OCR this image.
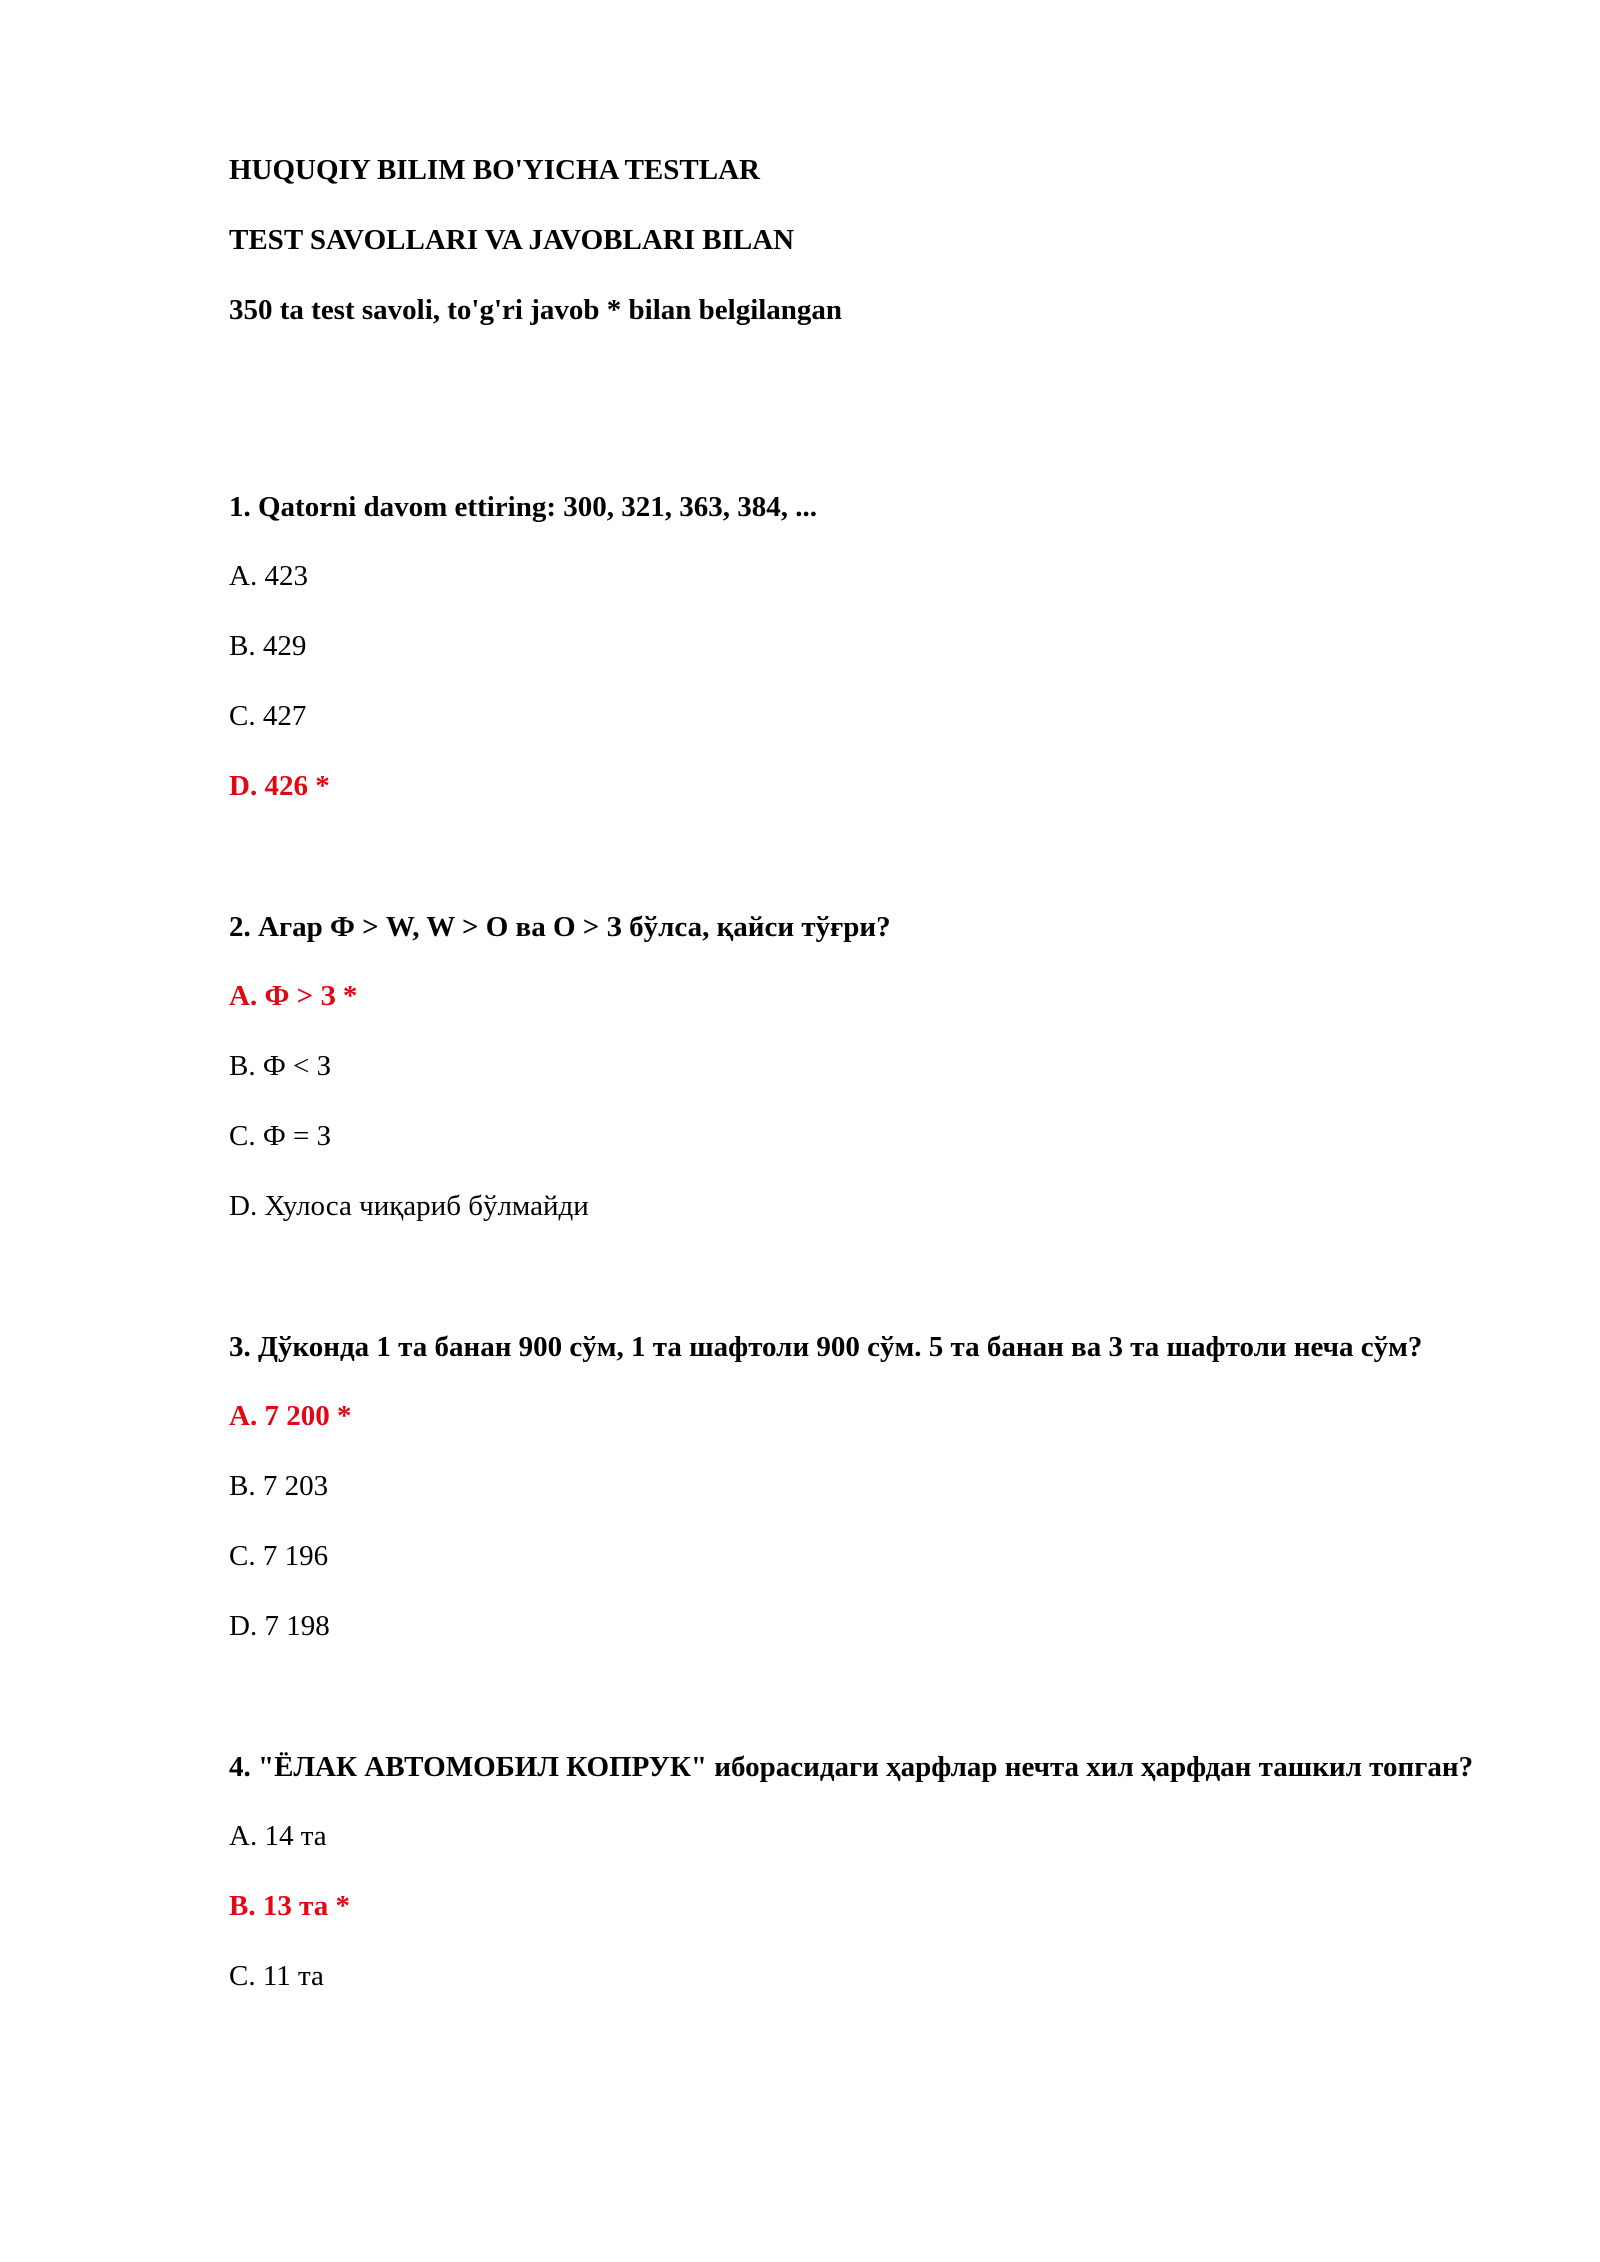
HUQUQIY BILIM BO'YICHA TESTLAR
TEST SAVOLLARI VA JAVOBLARI BILAN
350 ta test savoli, to'g'ri javob * bilan belgilangan
1. Qatorni davom ettiring: 300, 321, 363, 384, ...
A. 423
B. 429
C. 427
D. 426 *
2. Агар Ф > W, W > О ва О > З бўлса, қайси тўғри?
A. Ф > З *
B. Ф < З
C. Ф = З
D. Хулоса чиқариб бўлмайди
3. Дўконда 1 та банан 900 сўм, 1 та шафтоли 900 сўм. 5 та банан ва 3 та шафтоли неча сўм?
A. 7 200 *
B. 7 203
C. 7 196
D. 7 198
4. "ЁЛАК АВТОМОБИЛ КОПРУК" иборасидаги ҳарфлар нечта хил ҳарфдан ташкил топган?
A. 14 та
B. 13 та *
C. 11 та
